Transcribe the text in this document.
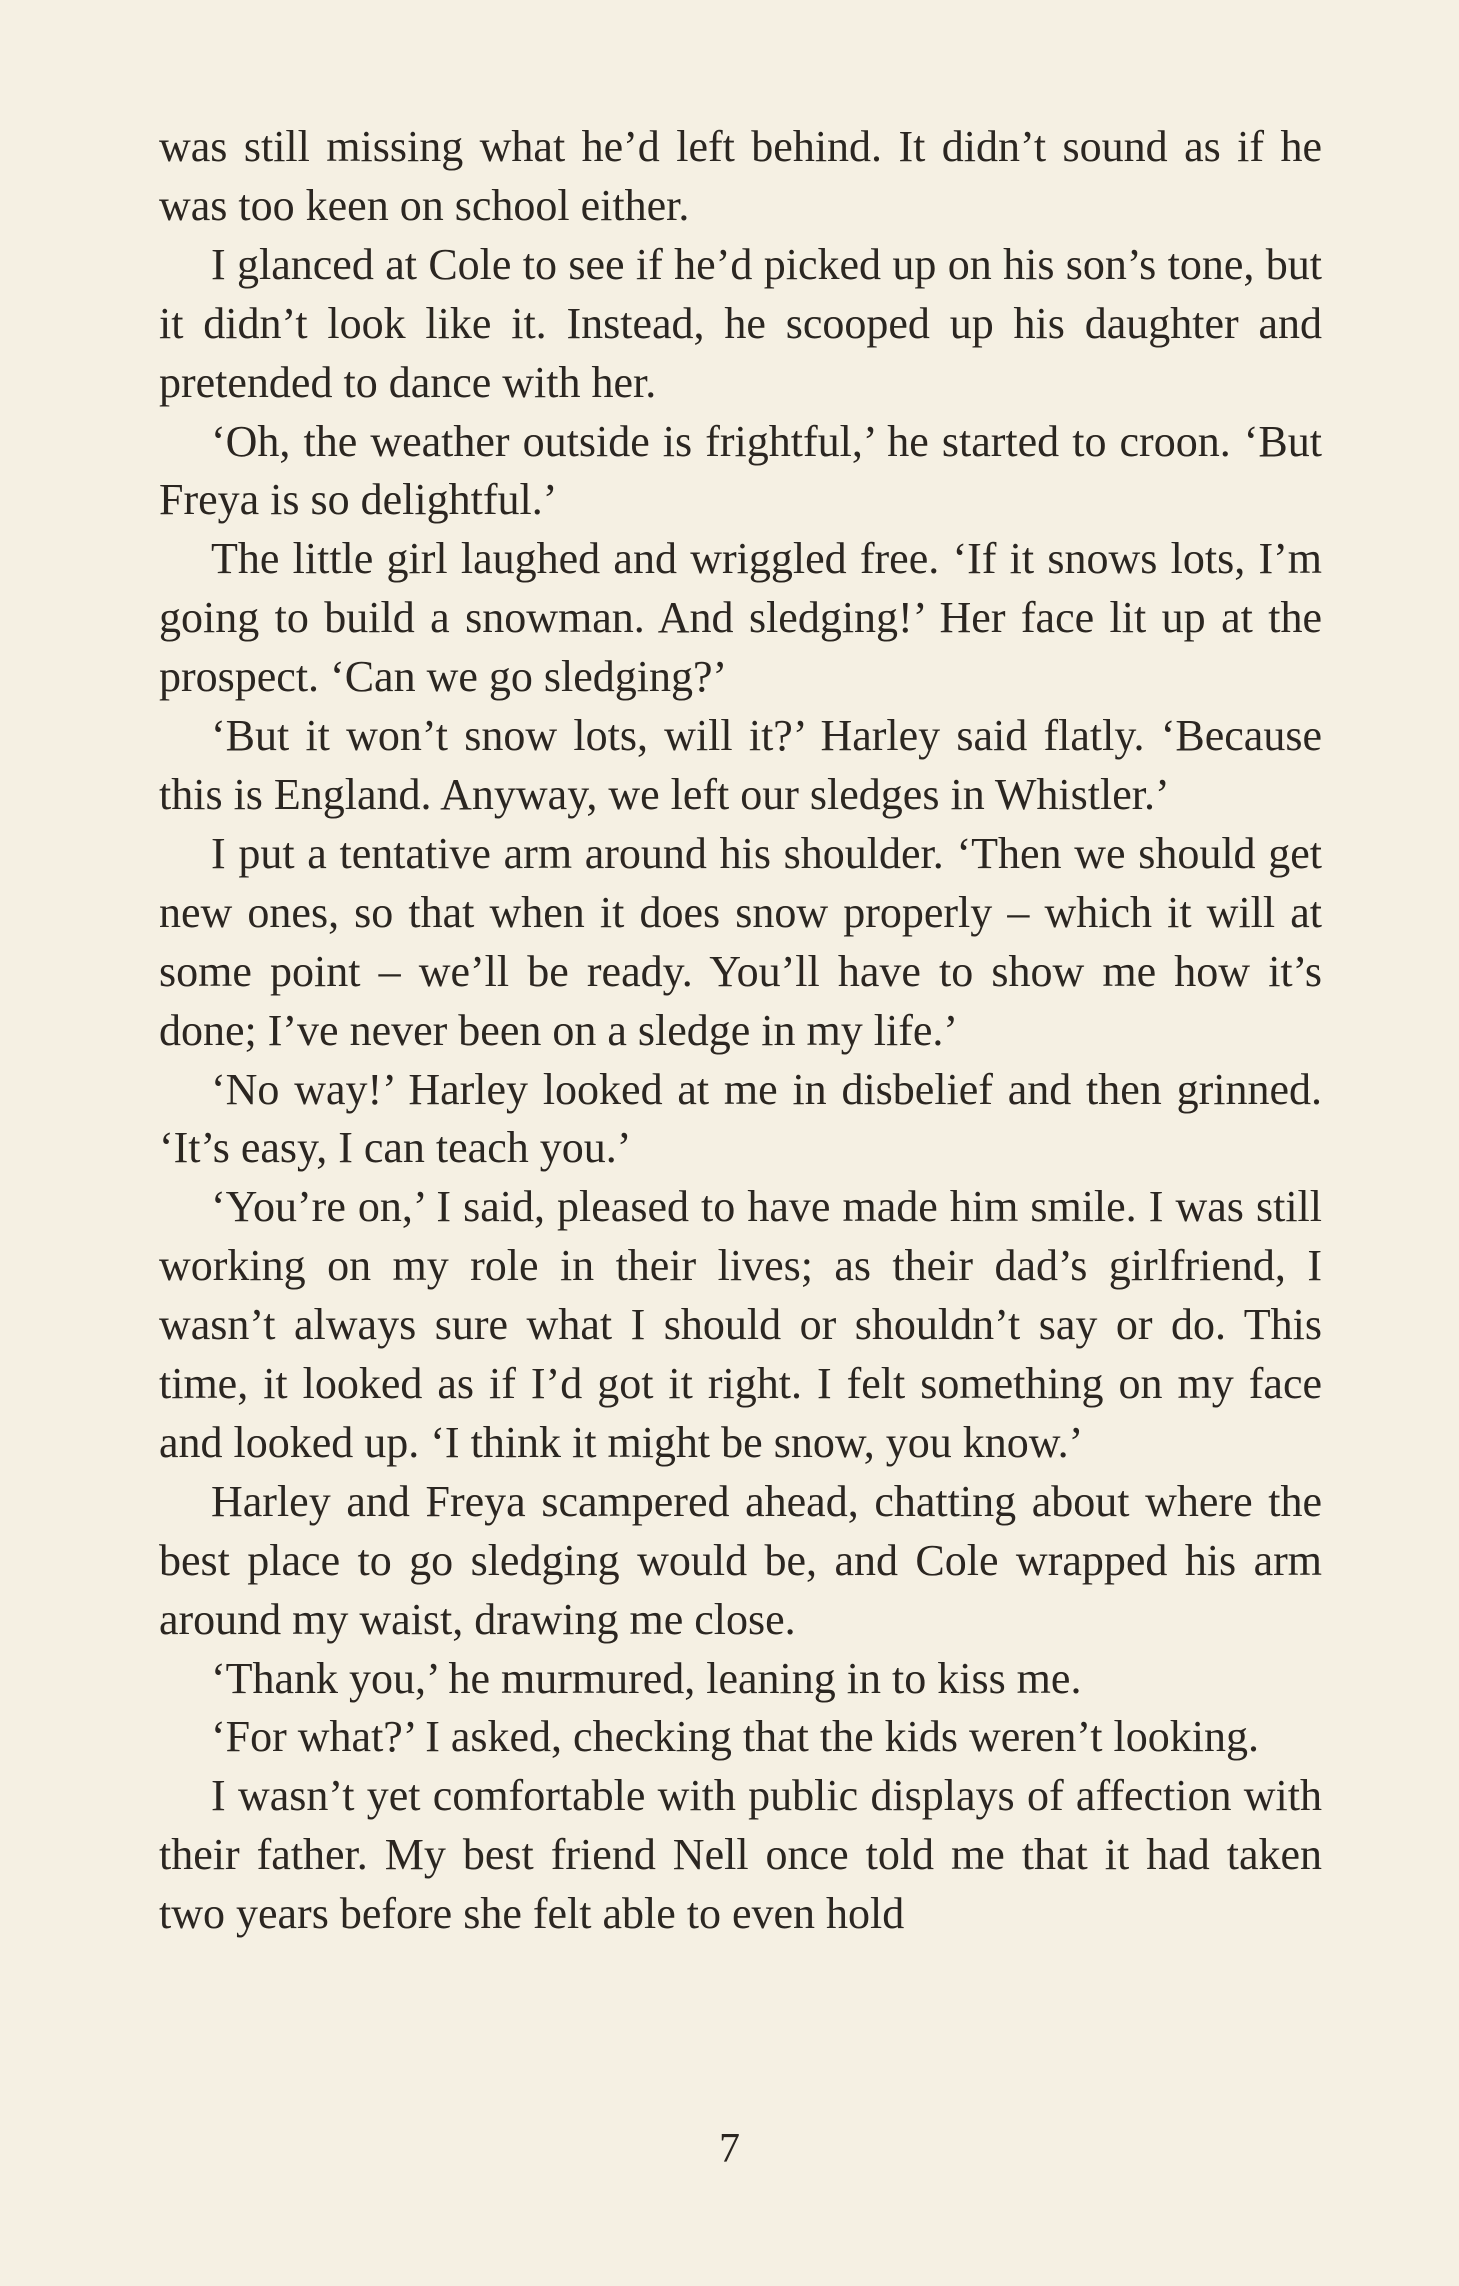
was still missing what he’d left behind. It didn’t sound as if he was too keen on school either.

I glanced at Cole to see if he’d picked up on his son’s tone, but it didn’t look like it. Instead, he scooped up his daughter and pretended to dance with her.

‘Oh, the weather outside is frightful,’ he started to croon. ‘But Freya is so delightful.’

The little girl laughed and wriggled free. ‘If it snows lots, I’m going to build a snowman. And sledging!’ Her face lit up at the prospect. ‘Can we go sledging?’

‘But it won’t snow lots, will it?’ Harley said flatly. ‘Because this is England. Anyway, we left our sledges in Whistler.’

I put a tentative arm around his shoulder. ‘Then we should get new ones, so that when it does snow properly – which it will at some point – we’ll be ready. You’ll have to show me how it’s done; I’ve never been on a sledge in my life.’

‘No way!’ Harley looked at me in disbelief and then grinned. ‘It’s easy, I can teach you.’

‘You’re on,’ I said, pleased to have made him smile. I was still working on my role in their lives; as their dad’s girlfriend, I wasn’t always sure what I should or shouldn’t say or do. This time, it looked as if I’d got it right. I felt something on my face and looked up. ‘I think it might be snow, you know.’

Harley and Freya scampered ahead, chatting about where the best place to go sledging would be, and Cole wrapped his arm around my waist, drawing me close.

‘Thank you,’ he murmured, leaning in to kiss me.

‘For what?’ I asked, checking that the kids weren’t looking.

I wasn’t yet comfortable with public displays of affection with their father. My best friend Nell once told me that it had taken two years before she felt able to even hold

7
